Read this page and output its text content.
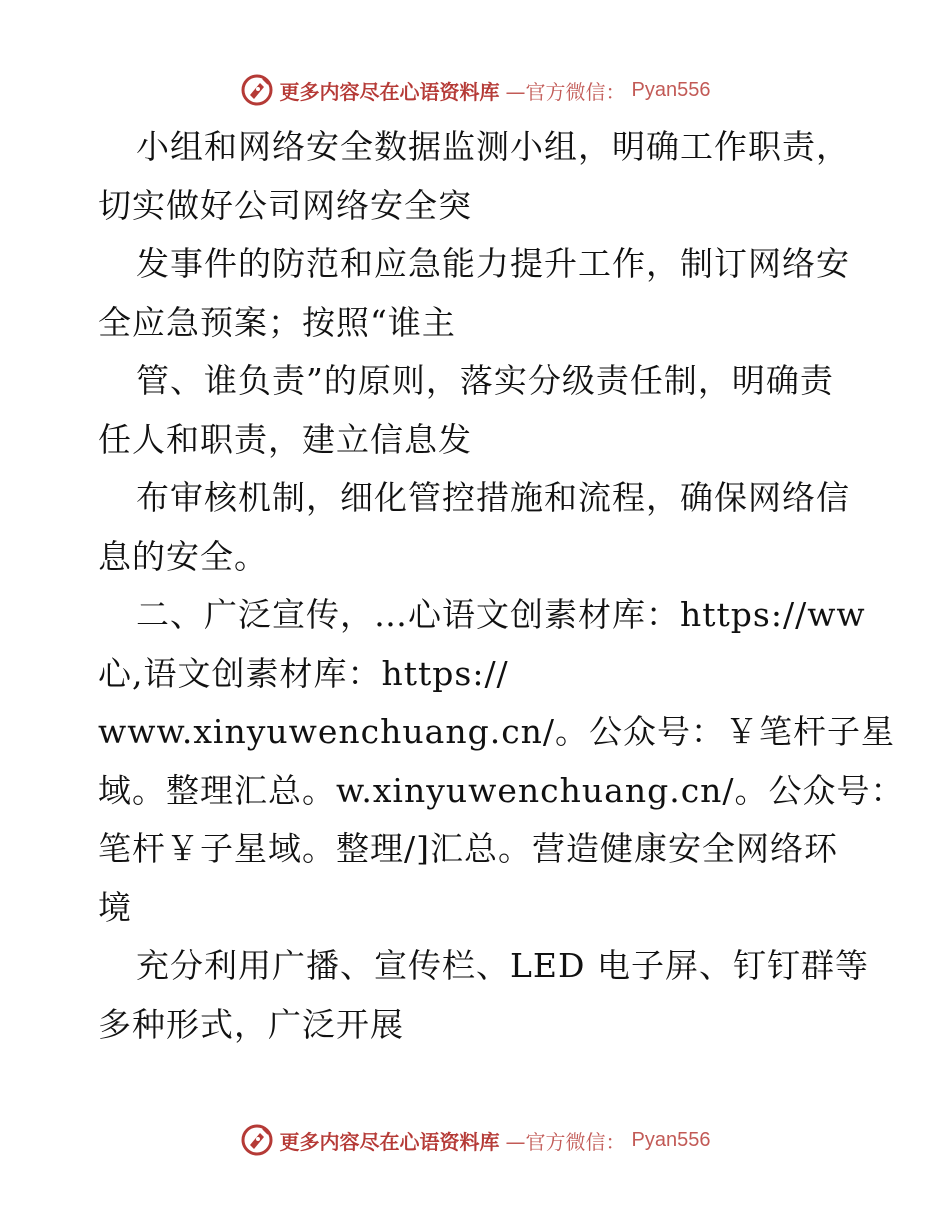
更多内容尽在心语资料库 —官方微信： Pyan556
小组和网络安全数据监测小组，明确工作职责，
切实做好公司网络安全突
发事件的防范和应急能力提升工作，制订网络安
全应急预案；按照“谁主
管、谁负责”的原则，落实分级责任制，明确责
任人和职责，建立信息发
布审核机制，细化管控措施和流程，确保网络信
息的安全。
二、广泛宣传，…心语文创素材库：https://ww
心,语文创素材库：https://
www.xinyuwenchuang.cn/。公众号：￥笔杆子星
域。整理汇总。w.xinyuwenchuang.cn/。公众号：
笔杆￥子星域。整理/]汇总。营造健康安全网络环
境
充分利用广播、宣传栏、LED 电子屏、钉钉群等
多种形式，广泛开展
更多内容尽在心语资料库 —官方微信： Pyan556
